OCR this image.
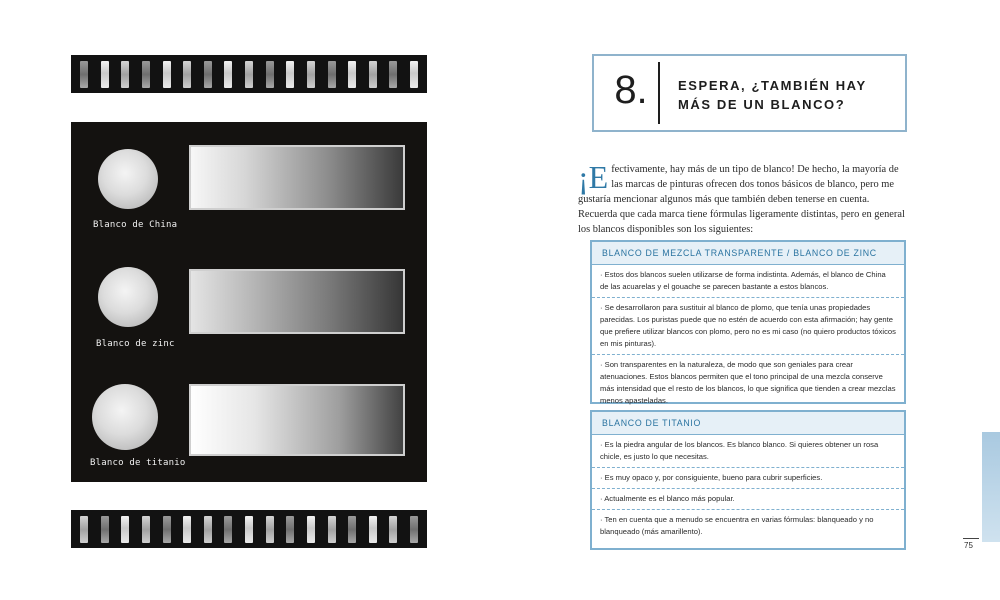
Blanco de China
Blanco de zinc
Blanco de titanio
8.	ESPERA, ¿TAMBIÉN HAY
MÁS DE UN BLANCO?
¡E fectivamente, hay más de un tipo de blanco! De hecho, la mayoría de las marcas de pinturas ofrecen dos tonos básicos de blanco, pero me gustaría mencionar algunos más que también deben tenerse en cuenta. Recuerda que cada marca tiene fórmulas ligeramente distintas, pero en general los blancos disponibles son los siguientes:
BLANCO DE MEZCLA TRANSPARENTE / BLANCO DE ZINC
· Estos dos blancos suelen utilizarse de forma indistinta. Además, el blanco de China de las acuarelas y el gouache se parecen bastante a estos blancos.
· Se desarrollaron para sustituir al blanco de plomo, que tenía unas propiedades parecidas. Los puristas puede que no estén de acuerdo con esta afirmación; hay gente que prefiere utilizar blancos con plomo, pero no es mi caso (no quiero productos tóxicos en mis pinturas).
· Son transparentes en la naturaleza, de modo que son geniales para crear atenuaciones. Estos blancos permiten que el tono principal de una mezcla conserve más intensidad que el resto de los blancos, lo que significa que tienden a crear mezclas menos apasteladas.
BLANCO DE TITANIO
· Es la piedra angular de los blancos. Es blanco blanco. Si quieres obtener un rosa chicle, es justo lo que necesitas.
· Es muy opaco y, por consiguiente, bueno para cubrir superficies.
· Actualmente es el blanco más popular.
· Ten en cuenta que a menudo se encuentra en varias fórmulas: blanqueado y no blanqueado (más amarillento).
75
